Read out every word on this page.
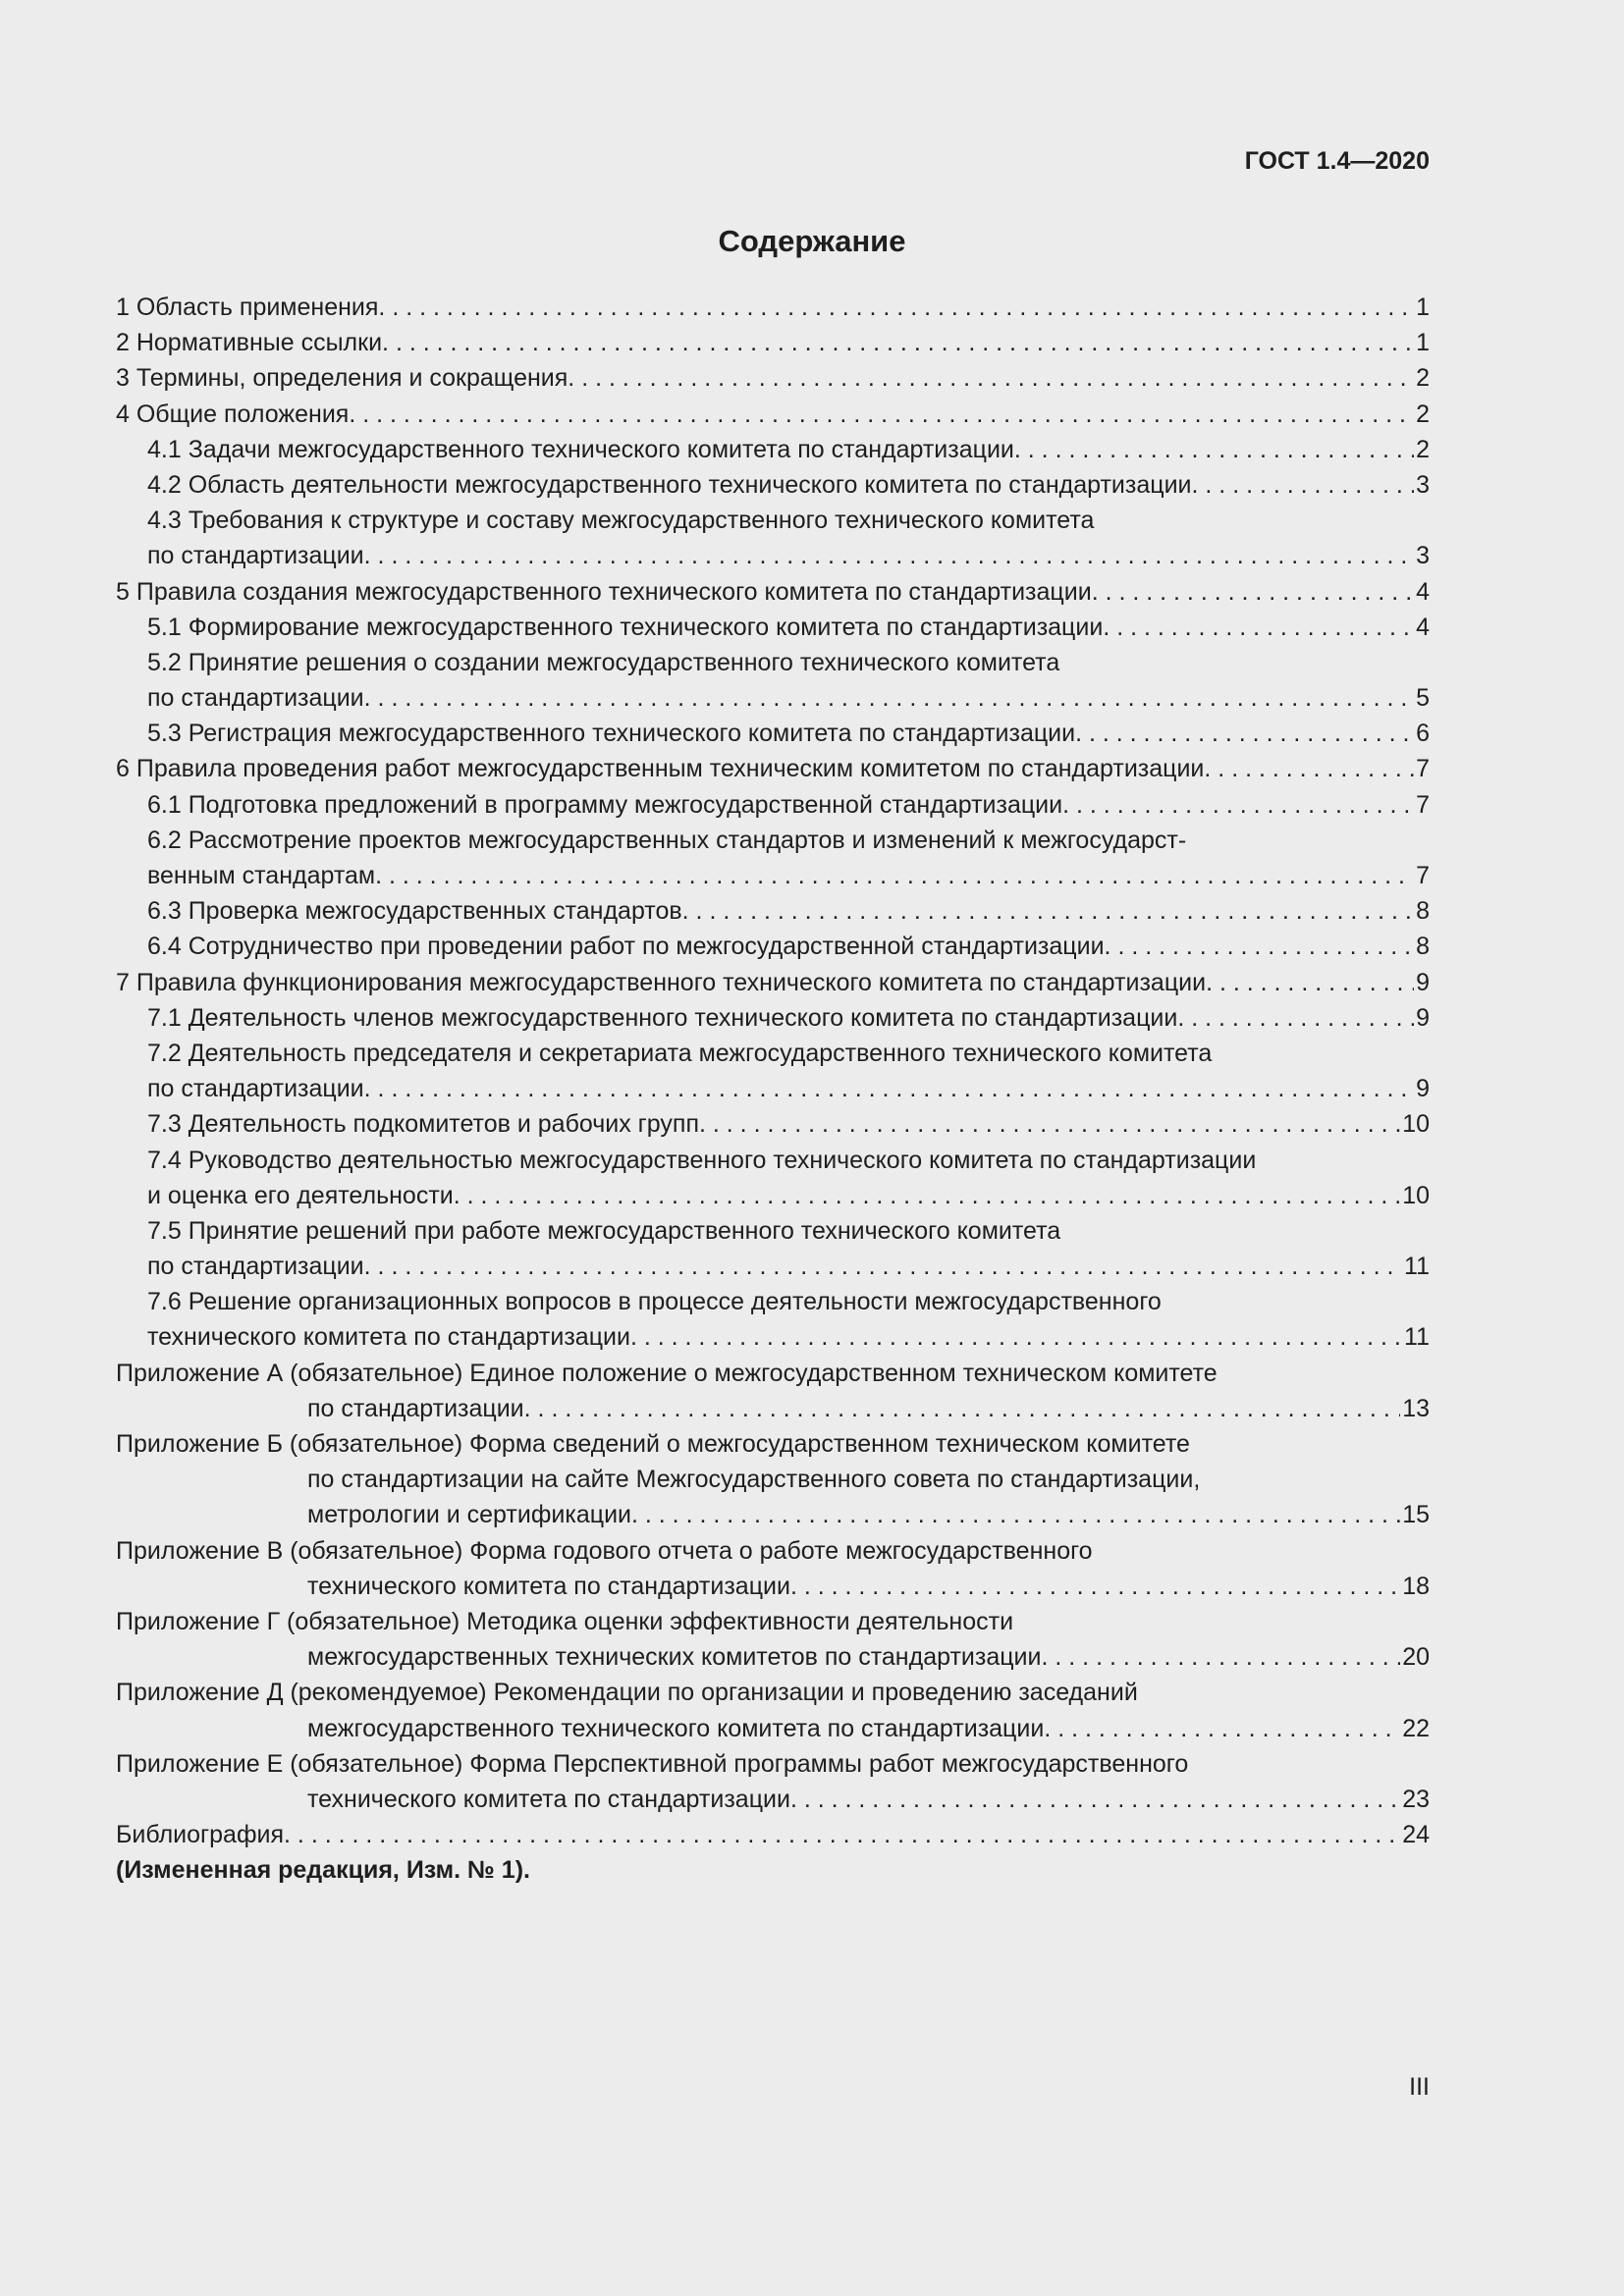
ГОСТ 1.4—2020
Содержание
1 Область применения . . .	1
2 Нормативные ссылки . . .	1
3 Термины, определения и сокращения . . .	2
4 Общие положения . . .	2
4.1 Задачи межгосударственного технического комитета по стандартизации . . .	2
4.2 Область деятельности межгосударственного технического комитета по стандартизации . . .	3
4.3 Требования к структуре и составу межгосударственного технического комитета
по стандартизации . . .	3
5 Правила создания межгосударственного технического комитета по стандартизации . . .	4
5.1 Формирование межгосударственного технического комитета по стандартизации . . .	4
5.2 Принятие решения о создании межгосударственного технического комитета
по стандартизации . . .	5
5.3 Регистрация межгосударственного технического комитета по стандартизации . . .	6
6 Правила проведения работ межгосударственным техническим комитетом по стандартизации . . .	7
6.1 Подготовка предложений в программу межгосударственной стандартизации . . .	7
6.2 Рассмотрение проектов межгосударственных стандартов и изменений к межгосударст-
венным стандартам . . .	7
6.3 Проверка межгосударственных стандартов . . .	8
6.4 Сотрудничество при проведении работ по межгосударственной стандартизации . . .	8
7 Правила функционирования межгосударственного технического комитета по стандартизации . . .	9
7.1 Деятельность членов межгосударственного технического комитета по стандартизации . . .	9
7.2 Деятельность председателя и секретариата межгосударственного технического комитета
по стандартизации . . .	9
7.3 Деятельность подкомитетов и рабочих групп . . .	10
7.4 Руководство деятельностью межгосударственного технического комитета по стандартизации
и оценка его деятельности . . .	10
7.5 Принятие решений при работе межгосударственного технического комитета
по стандартизации . . .	11
7.6 Решение организационных вопросов в процессе деятельности межгосударственного
технического комитета по стандартизации . . .	11
Приложение А (обязательное) Единое положение о межгосударственном техническом комитете
по стандартизации . . .	13
Приложение Б (обязательное) Форма сведений о межгосударственном техническом комитете
по стандартизации на сайте Межгосударственного совета по стандартизации,
метрологии и сертификации . . .	15
Приложение В (обязательное) Форма годового отчета о работе межгосударственного
технического комитета по стандартизации . . .	18
Приложение Г (обязательное) Методика оценки эффективности деятельности
межгосударственных технических комитетов по стандартизации . . .	20
Приложение Д (рекомендуемое) Рекомендации по организации и проведению заседаний
межгосударственного технического комитета по стандартизации . . .	22
Приложение Е (обязательное) Форма Перспективной программы работ межгосударственного
технического комитета по стандартизации . . .	23
Библиография . . .	24
(Измененная редакция, Изм. № 1).
III
